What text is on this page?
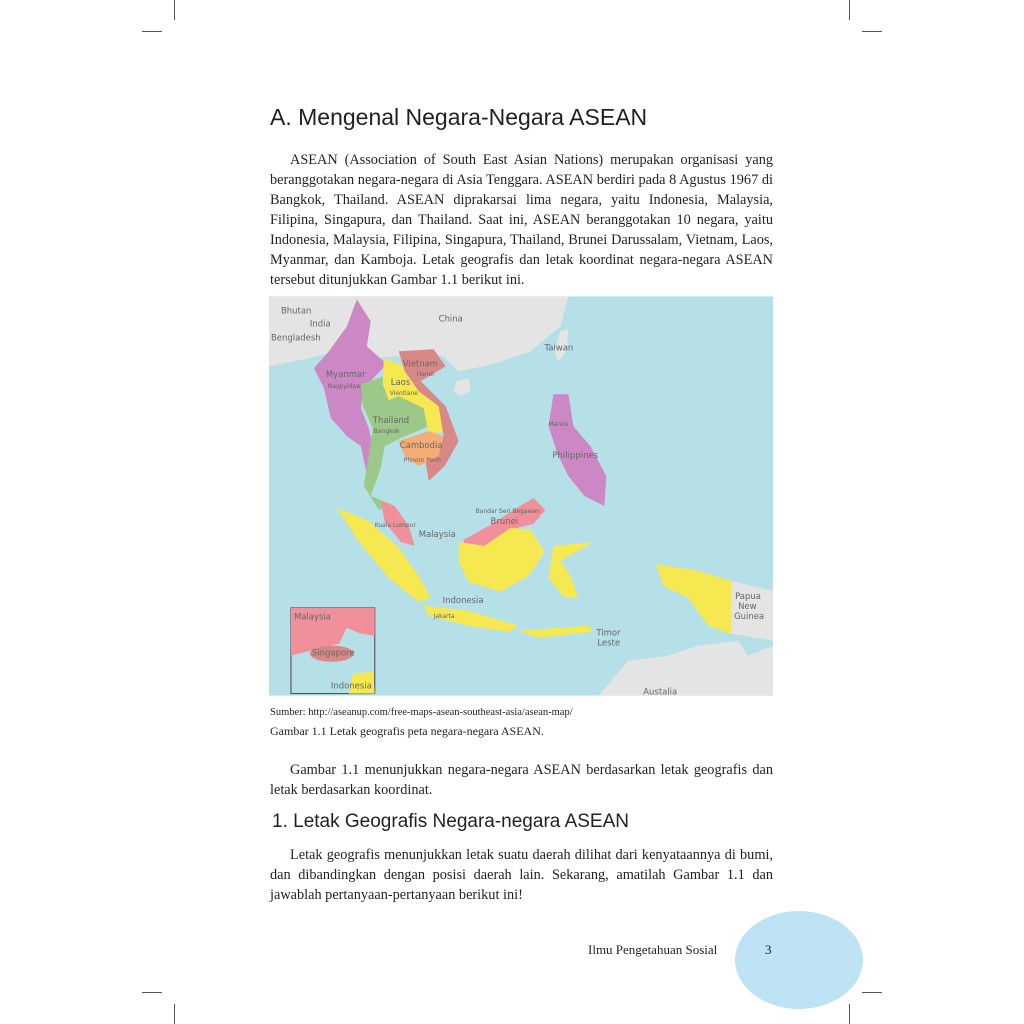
A. Mengenal Negara-Negara ASEAN

ASEAN (Association of South East Asian Nations) merupakan organisasi yang beranggotakan negara-negara di Asia Tenggara. ASEAN berdiri pada 8 Agustus 1967 di Bangkok, Thailand. ASEAN diprakarsai lima negara, yaitu Indonesia, Malaysia, Filipina, Singapura, dan Thailand. Saat ini, ASEAN beranggotakan 10 negara, yaitu Indonesia, Malaysia, Filipina, Singapura, Thailand, Brunei Darussalam, Vietnam, Laos, Myanmar, dan Kamboja. Letak geografis dan letak koordinat negara-negara ASEAN tersebut ditunjukkan Gambar 1.1 berikut ini.

Bhutan
India
Bengladesh
China
Taiwan
Myanmar
Naypyidaw
Vietnam
Hanoi
Laos
Vientiane
Thailand
Bangkok
Cambodia
Phnom Penh
Manila
Philippines
Bandar Seri Begawan
Brunei
Kuala Lumpur
Malaysia
Indonesia
Jakarta
Papua
New
Guinea
Timor
Leste
Austalia
Malaysia
Singapore
Indonesia
Sumber: http://aseanup.com/free-maps-asean-southeast-asia/asean-map/
Gambar 1.1 Letak geografis peta negara-negara ASEAN.

Gambar 1.1 menunjukkan negara-negara ASEAN berdasarkan letak geografis dan letak berdasarkan koordinat.

1. Letak Geografis Negara-negara ASEAN

Letak geografis menunjukkan letak suatu daerah dilihat dari kenyataannya di bumi, dan dibandingkan dengan posisi daerah lain. Sekarang, amatilah Gambar 1.1 dan jawablah pertanyaan-pertanyaan berikut ini!

Ilmu Pengetahuan Sosial	3
